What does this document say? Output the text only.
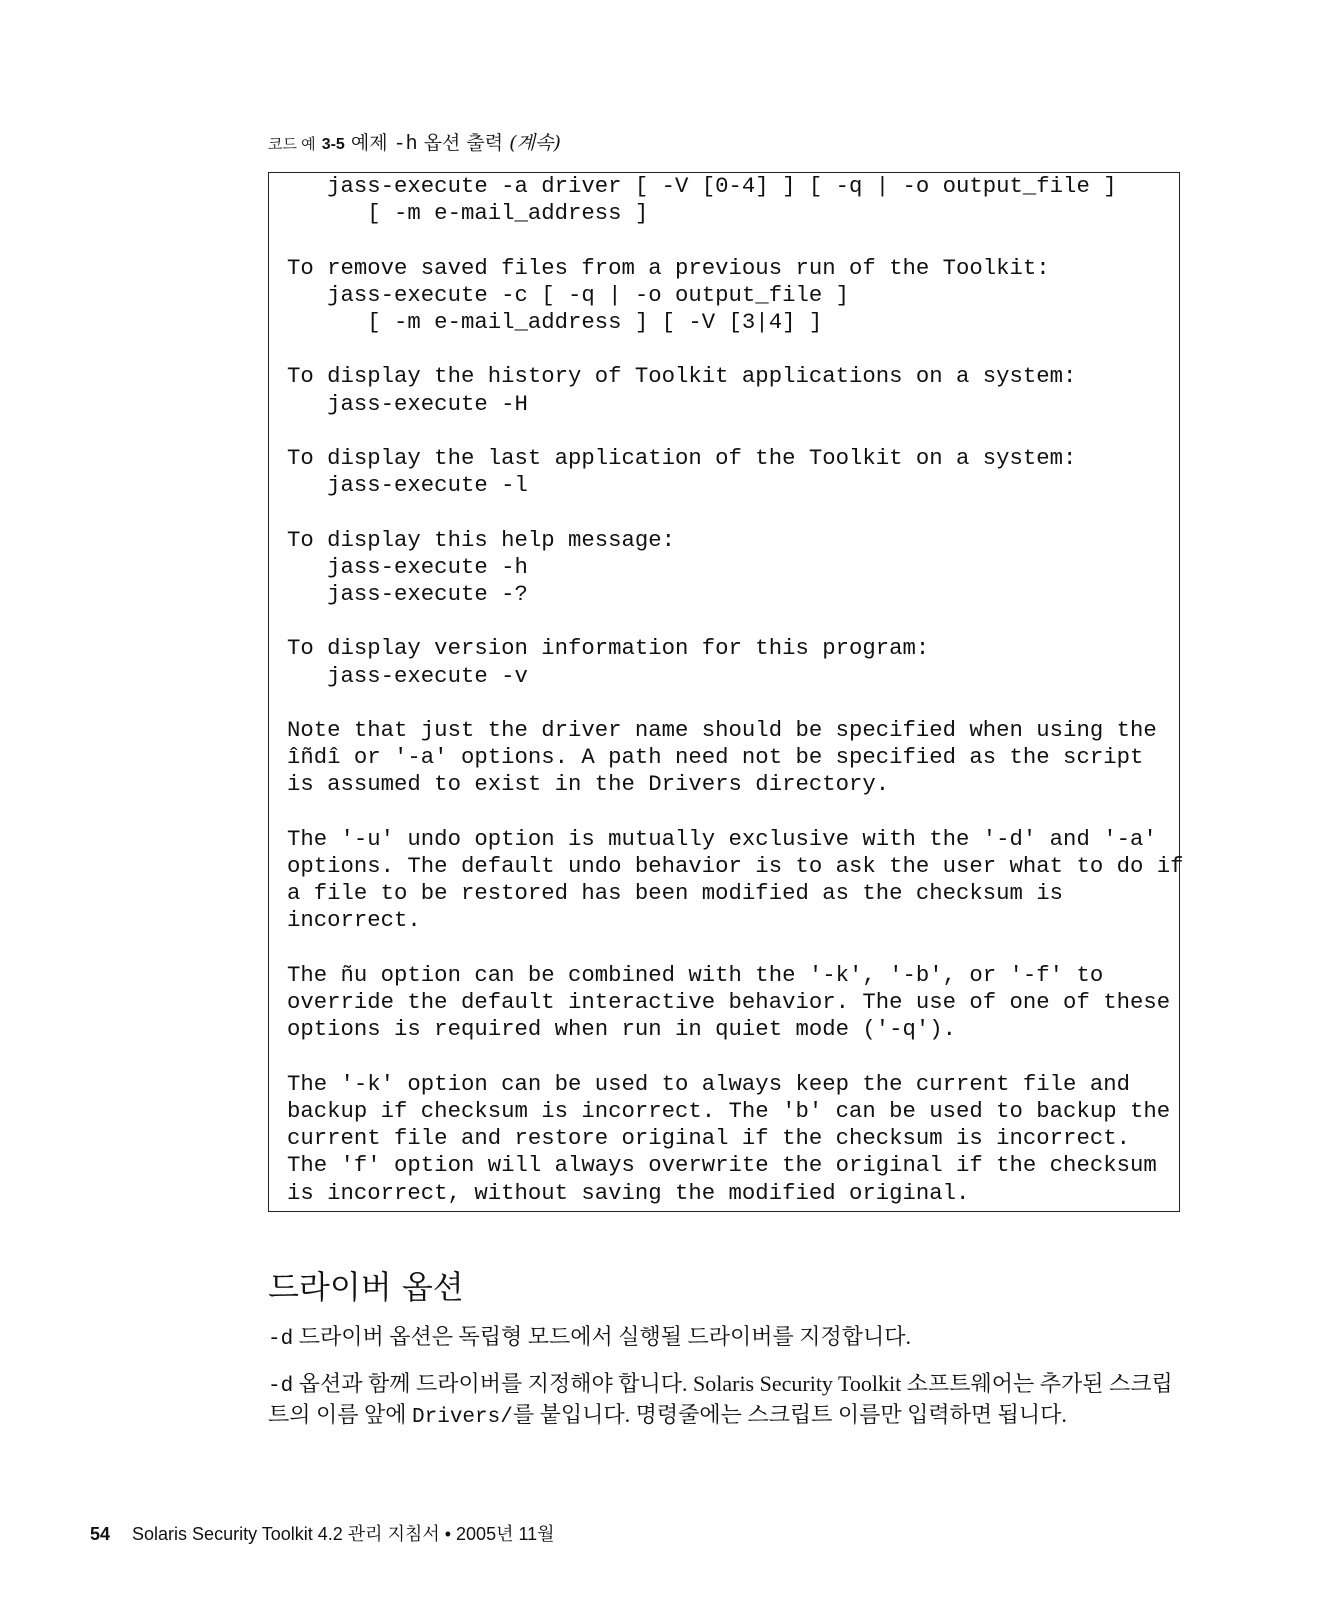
코드 예 3-5 예제 -h 옵션 출력 (계속)
jass-execute -a driver [ -V [0-4] ] [ -q | -o output_file ]
[ -m e-mail_address ]

To remove saved files from a previous run of the Toolkit:
jass-execute -c [ -q | -o output_file ]
[ -m e-mail_address ] [ -V [3|4] ]

To display the history of Toolkit applications on a system:
jass-execute -H

To display the last application of the Toolkit on a system:
jass-execute -l

To display this help message:
jass-execute -h
jass-execute -?

To display version information for this program:
jass-execute -v

Note that just the driver name should be specified when using the
îñdî or '-a' options. A path need not be specified as the script
is assumed to exist in the Drivers directory.

The '-u' undo option is mutually exclusive with the '-d' and '-a'
options. The default undo behavior is to ask the user what to do if
a file to be restored has been modified as the checksum is
incorrect.

The ñu option can be combined with the '-k', '-b', or '-f' to
override the default interactive behavior. The use of one of these
options is required when run in quiet mode ('-q').

The '-k' option can be used to always keep the current file and
backup if checksum is incorrect. The 'b' can be used to backup the
current file and restore original if the checksum is incorrect.
The 'f' option will always overwrite the original if the checksum
is incorrect, without saving the modified original.
드라이버 옵션

-d 드라이버 옵션은 독립형 모드에서 실행될 드라이버를 지정합니다.

-d 옵션과 함께 드라이버를 지정해야 합니다. Solaris Security Toolkit 소프트웨어는 추가된 스크립트의 이름 앞에 Drivers/를 붙입니다. 명령줄에는 스크립트 이름만 입력하면 됩니다.

54 Solaris Security Toolkit 4.2 관리 지침서 • 2005년 11월
